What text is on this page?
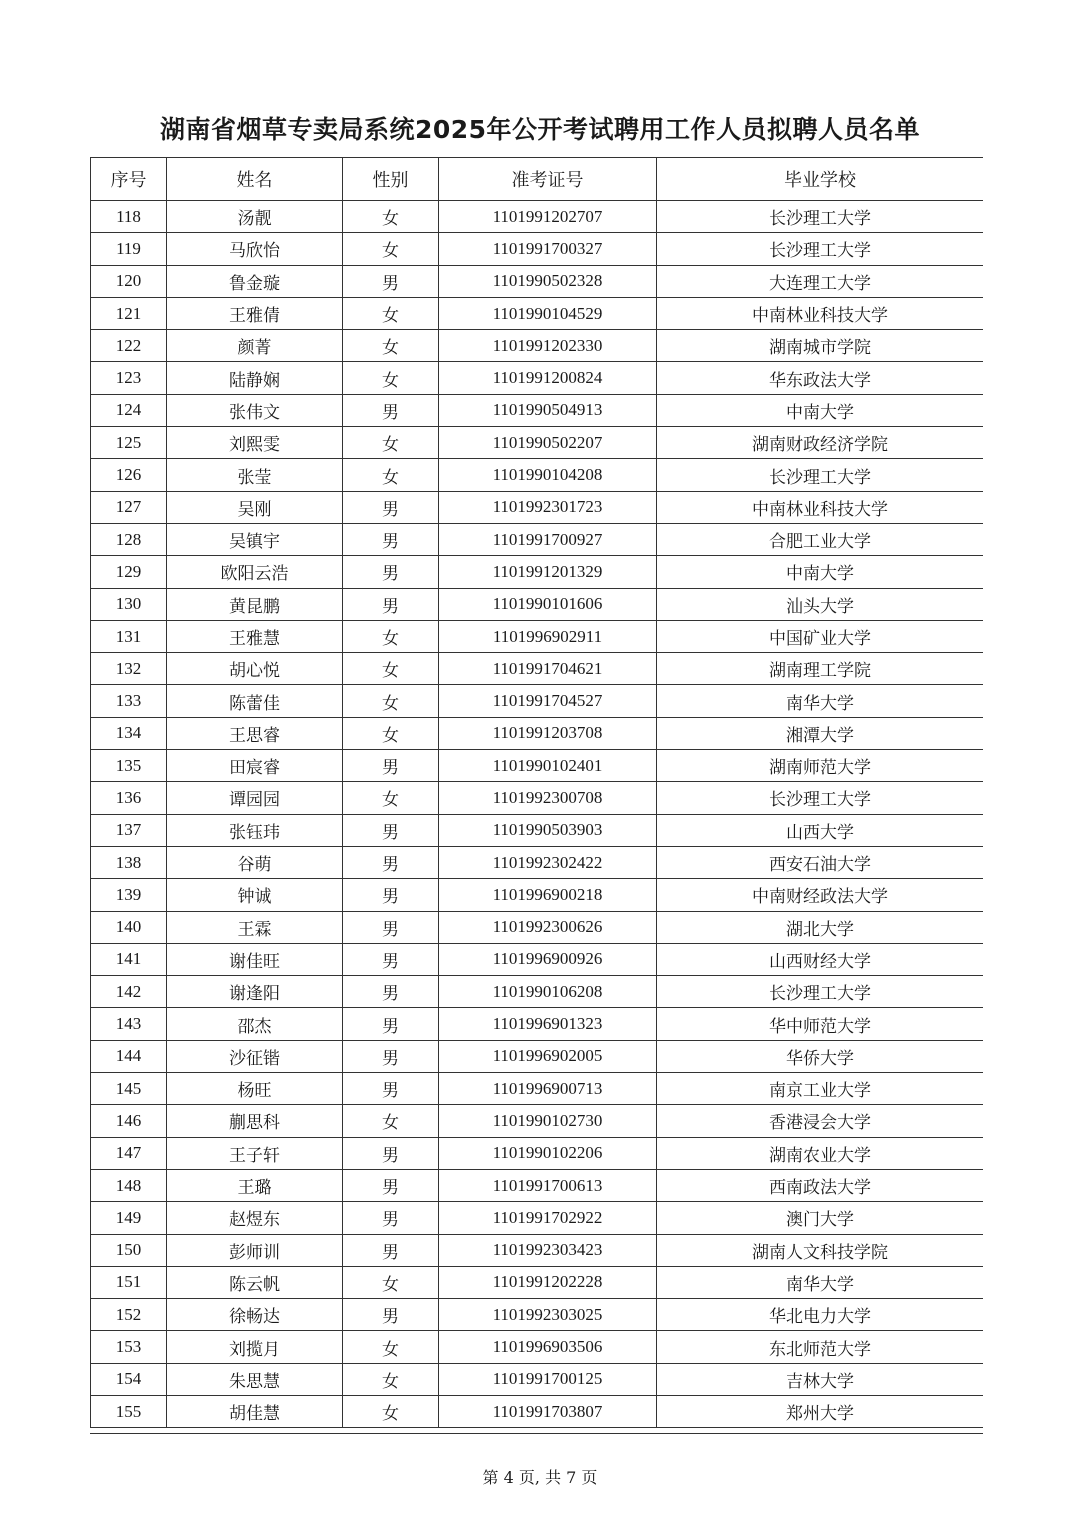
湖南省烟草专卖局系统2025年公开考试聘用工作人员拟聘人员名单
序号	姓名	性别	准考证号	毕业学校
118	汤靓	女	1101991202707	长沙理工大学
119	马欣怡	女	1101991700327	长沙理工大学
120	鲁金璇	男	1101990502328	大连理工大学
121	王雅倩	女	1101990104529	中南林业科技大学
122	颜菁	女	1101991202330	湖南城市学院
123	陆静娴	女	1101991200824	华东政法大学
124	张伟文	男	1101990504913	中南大学
125	刘熙雯	女	1101990502207	湖南财政经济学院
126	张莹	女	1101990104208	长沙理工大学
127	吴刚	男	1101992301723	中南林业科技大学
128	吴镇宇	男	1101991700927	合肥工业大学
129	欧阳云浩	男	1101991201329	中南大学
130	黄昆鹏	男	1101990101606	汕头大学
131	王雅慧	女	1101996902911	中国矿业大学
132	胡心悦	女	1101991704621	湖南理工学院
133	陈蕾佳	女	1101991704527	南华大学
134	王思睿	女	1101991203708	湘潭大学
135	田宸睿	男	1101990102401	湖南师范大学
136	谭园园	女	1101992300708	长沙理工大学
137	张钰玮	男	1101990503903	山西大学
138	谷萌	男	1101992302422	西安石油大学
139	钟诚	男	1101996900218	中南财经政法大学
140	王霖	男	1101992300626	湖北大学
141	谢佳旺	男	1101996900926	山西财经大学
142	谢逢阳	男	1101990106208	长沙理工大学
143	邵杰	男	1101996901323	华中师范大学
144	沙征锴	男	1101996902005	华侨大学
145	杨旺	男	1101996900713	南京工业大学
146	蒯思科	女	1101990102730	香港浸会大学
147	王子轩	男	1101990102206	湖南农业大学
148	王璐	男	1101991700613	西南政法大学
149	赵煜东	男	1101991702922	澳门大学
150	彭师训	男	1101992303423	湖南人文科技学院
151	陈云帆	女	1101991202228	南华大学
152	徐畅达	男	1101992303025	华北电力大学
153	刘揽月	女	1101996903506	东北师范大学
154	朱思慧	女	1101991700125	吉林大学
155	胡佳慧	女	1101991703807	郑州大学
第 4 页, 共 7 页
